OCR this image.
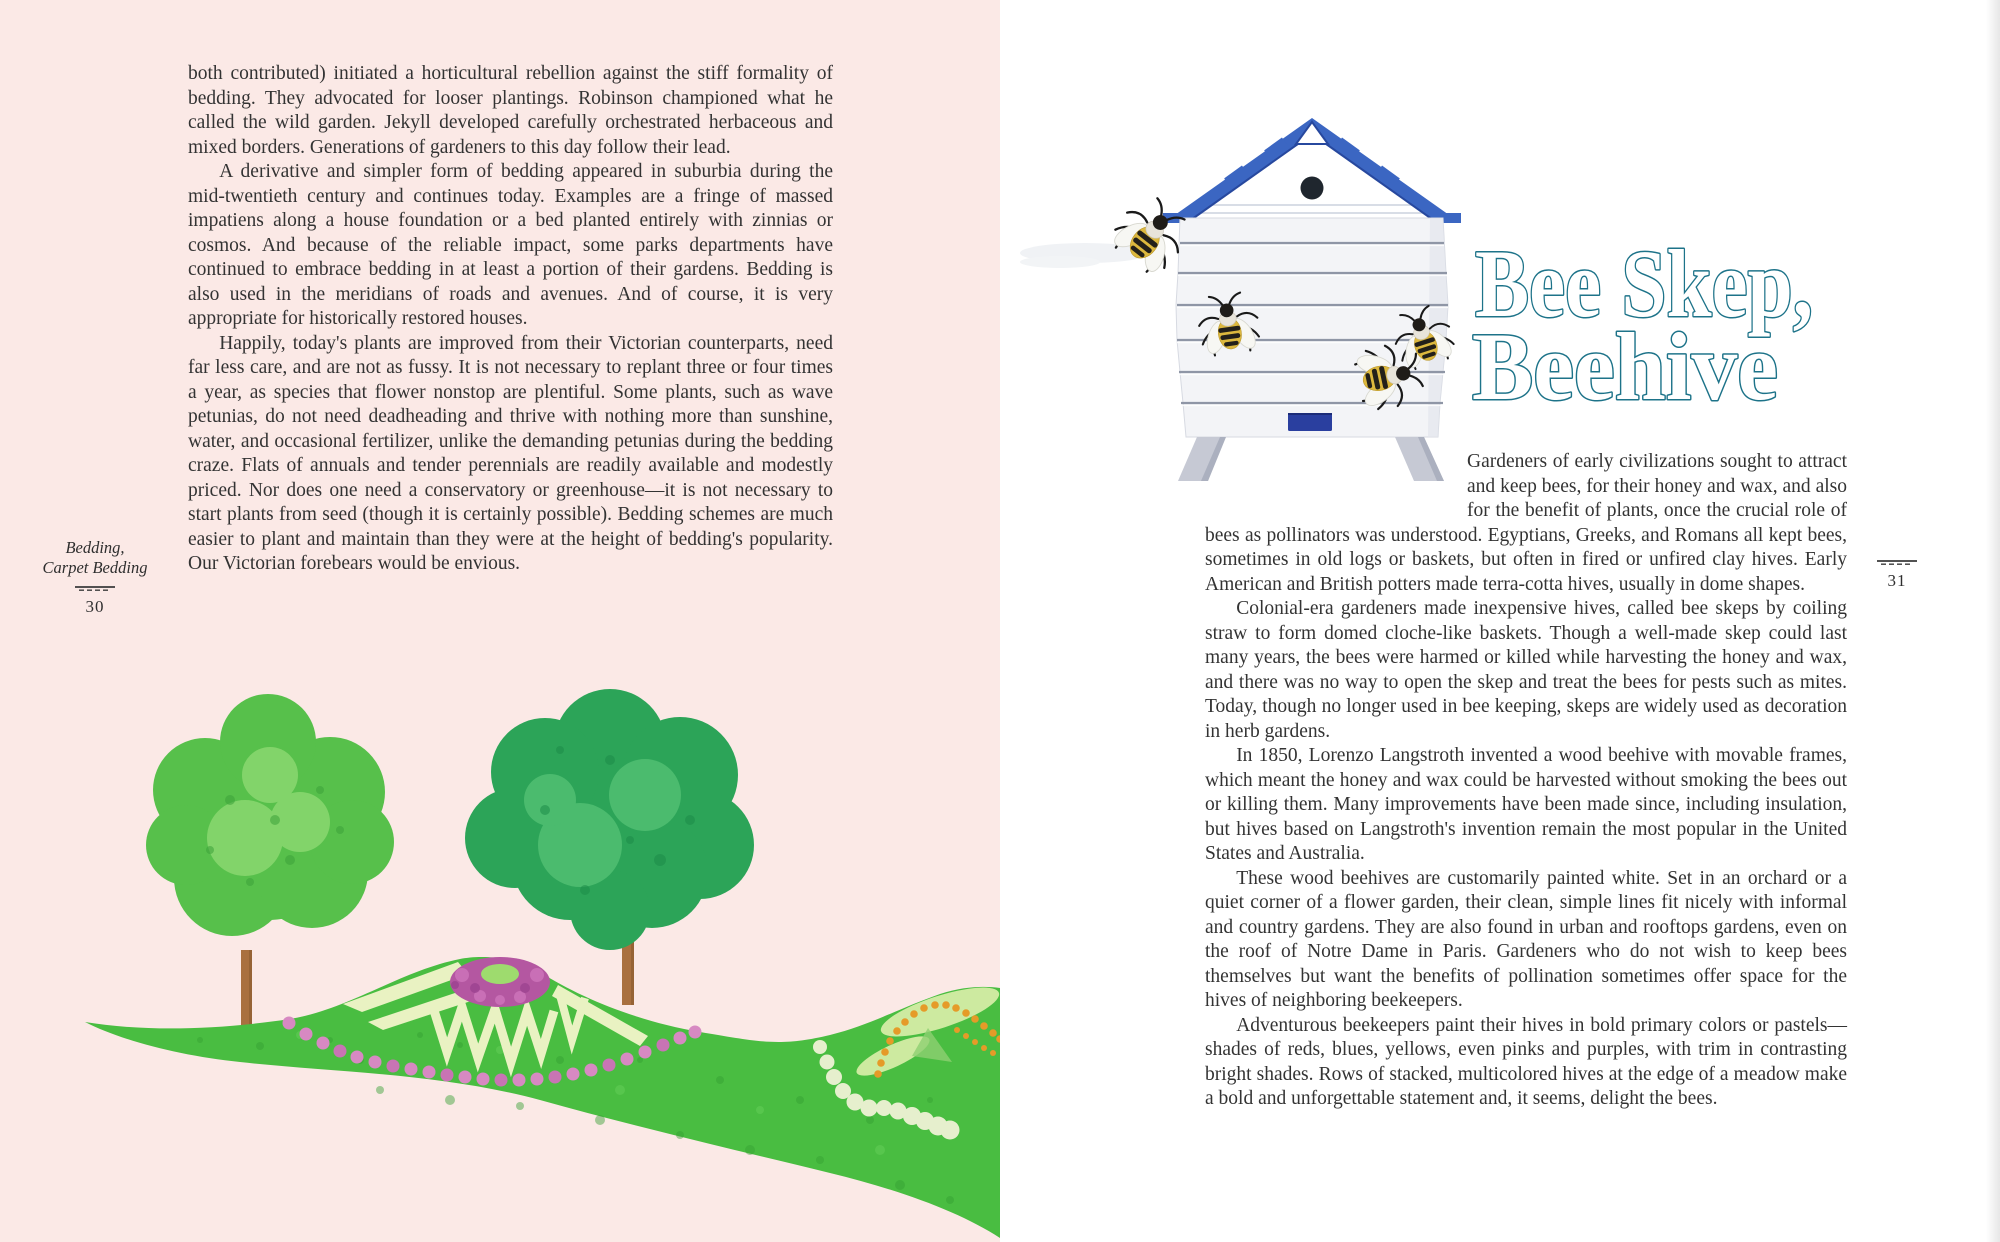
both contributed) initiated a horticultural rebellion against the stiff formality of bedding. They advocated for looser plantings. Robinson championed what he called the wild garden. Jekyll developed carefully orchestrated herbaceous and mixed borders. Generations of gardeners to this day follow their lead.

A derivative and simpler form of bedding appeared in suburbia during the mid-twentieth century and continues today. Examples are a fringe of massed impatiens along a house foundation or a bed planted entirely with zinnias or cosmos. And because of the reliable impact, some parks departments have continued to embrace bedding in at least a portion of their gardens. Bedding is also used in the meridians of roads and avenues. And of course, it is very appropriate for historically restored houses.

Happily, today's plants are improved from their Victorian counterparts, need far less care, and are not as fussy. It is not necessary to replant three or four times a year, as species that flower nonstop are plentiful. Some plants, such as wave petunias, do not need deadheading and thrive with nothing more than sunshine, water, and occasional fertilizer, unlike the demanding petunias during the bedding craze. Flats of annuals and tender perennials are readily available and modestly priced. Nor does one need a conservatory or greenhouse—it is not necessary to start plants from seed (though it is certainly possible). Bedding schemes are much easier to plant and maintain than they were at the height of bedding's popularity. Our Victorian forebears would be envious.

Bedding,
Carpet Bedding
30
Bee Skep,
Beehive

Gardeners of early civilizations sought to attract and keep bees, for their honey and wax, and also for the benefit of plants, once the crucial role of bees as pollinators was understood. Egyptians, Greeks, and Romans all kept bees, sometimes in old logs or baskets, but often in fired or unfired clay hives. Early American and British potters made terra-cotta hives, usually in dome shapes.

Colonial-era gardeners made inexpensive hives, called bee skeps by coiling straw to form domed cloche-like baskets. Though a well-made skep could last many years, the bees were harmed or killed while harvesting the honey and wax, and there was no way to open the skep and treat the bees for pests such as mites. Today, though no longer used in bee keeping, skeps are widely used as decoration in herb gardens.

In 1850, Lorenzo Langstroth invented a wood beehive with movable frames, which meant the honey and wax could be harvested without smoking the bees out or killing them. Many improvements have been made since, including insulation, but hives based on Langstroth's invention remain the most popular in the United States and Australia.

These wood beehives are customarily painted white. Set in an orchard or a quiet corner of a flower garden, their clean, simple lines fit nicely with informal and country gardens. They are also found in urban and rooftops gardens, even on the roof of Notre Dame in Paris. Gardeners who do not wish to keep bees themselves but want the benefits of pollination sometimes offer space for the hives of neighboring beekeepers.

Adventurous beekeepers paint their hives in bold primary colors or pastels—shades of reds, blues, yellows, even pinks and purples, with trim in contrasting bright shades. Rows of stacked, multicolored hives at the edge of a meadow make a bold and unforgettable statement and, it seems, delight the bees.

31
